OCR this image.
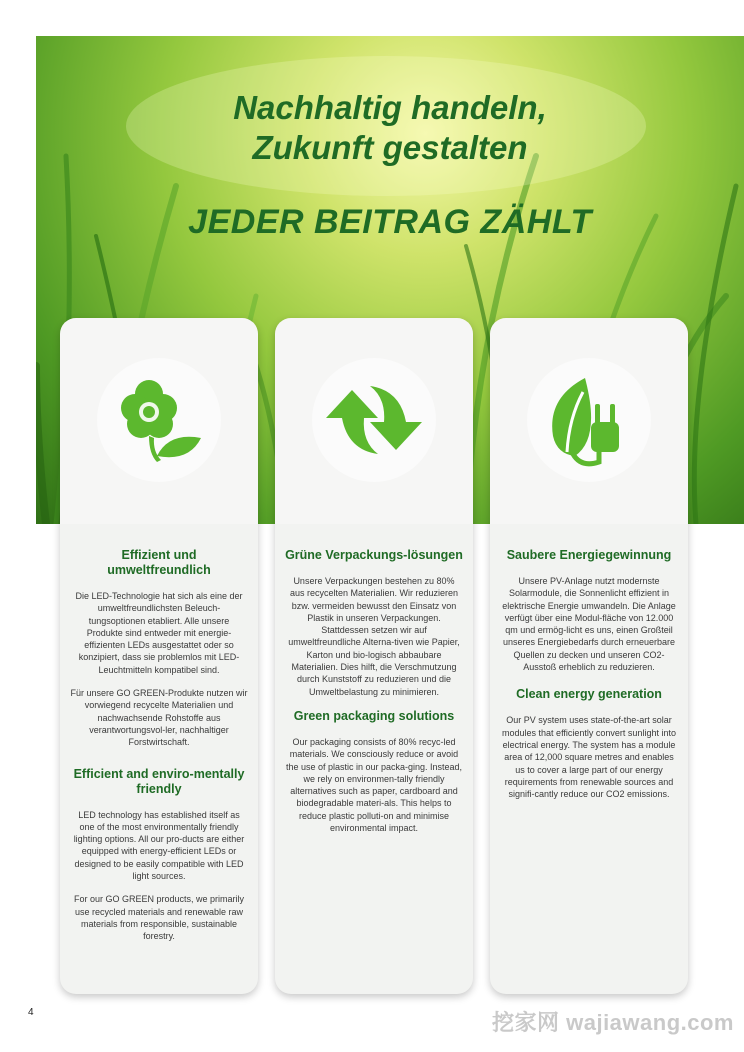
Nachhaltig handeln,
Zukunft gestalten
JEDER BEITRAG ZÄHLT
Effizient und umweltfreundlich
Die LED-Technologie hat sich als eine der umweltfreundlichsten Beleuch-tungsoptionen etabliert. Alle unsere Produkte sind entweder mit energie-effizienten LEDs ausgestattet oder so konzipiert, dass sie problemlos mit LED-Leuchtmitteln kompatibel sind.
Für unsere GO GREEN-Produkte nutzen wir vorwiegend recycelte Materialien und nachwachsende Rohstoffe aus verantwortungsvol-ler, nachhaltiger Forstwirtschaft.
Efficient and enviro-mentally friendly
LED technology has established itself as one of the most environmentally friendly lighting options. All our pro-ducts are either equipped with energy-efficient LEDs or designed to be easily compatible with LED light sources.
For our GO GREEN products, we primarily use recycled materials and renewable raw materials from responsible, sustainable forestry.
Grüne Verpackungs-lösungen
Unsere Verpackungen bestehen zu 80% aus recycelten Materialien. Wir reduzieren bzw. vermeiden bewusst den Einsatz von Plastik in unseren Verpackungen. Stattdessen setzen wir auf umweltfreundliche Alterna-tiven wie Papier, Karton und bio-logisch abbaubare Materialien. Dies hilft, die Verschmutzung durch Kunststoff zu reduzieren und die Umweltbelastung zu minimieren.
Green packaging solutions
Our packaging consists of 80% recyc-led materials. We consciously reduce or avoid the use of plastic in our packa-ging. Instead, we rely on environmen-tally friendly alternatives such as paper, cardboard and biodegradable materi-als. This helps to reduce plastic polluti-on and minimise environmental impact.
Saubere Energiegewinnung
Unsere PV-Anlage nutzt modernste Solarmodule, die Sonnenlicht effizient in elektrische Energie umwandeln. Die Anlage verfügt über eine Modul-fläche von 12.000 qm und ermög-licht es uns, einen Großteil unseres Energiebedarfs durch erneuerbare Quellen zu decken und unseren CO2-Ausstoß erheblich zu reduzieren.
Clean energy generation
Our PV system uses state-of-the-art solar modules that efficiently convert sunlight into electrical energy. The system has a module area of 12,000 square metres and enables us to cover a large part of our energy requirements from renewable sources and signifi-cantly reduce our CO2 emissions.
4	挖家网 wajiawang.com
